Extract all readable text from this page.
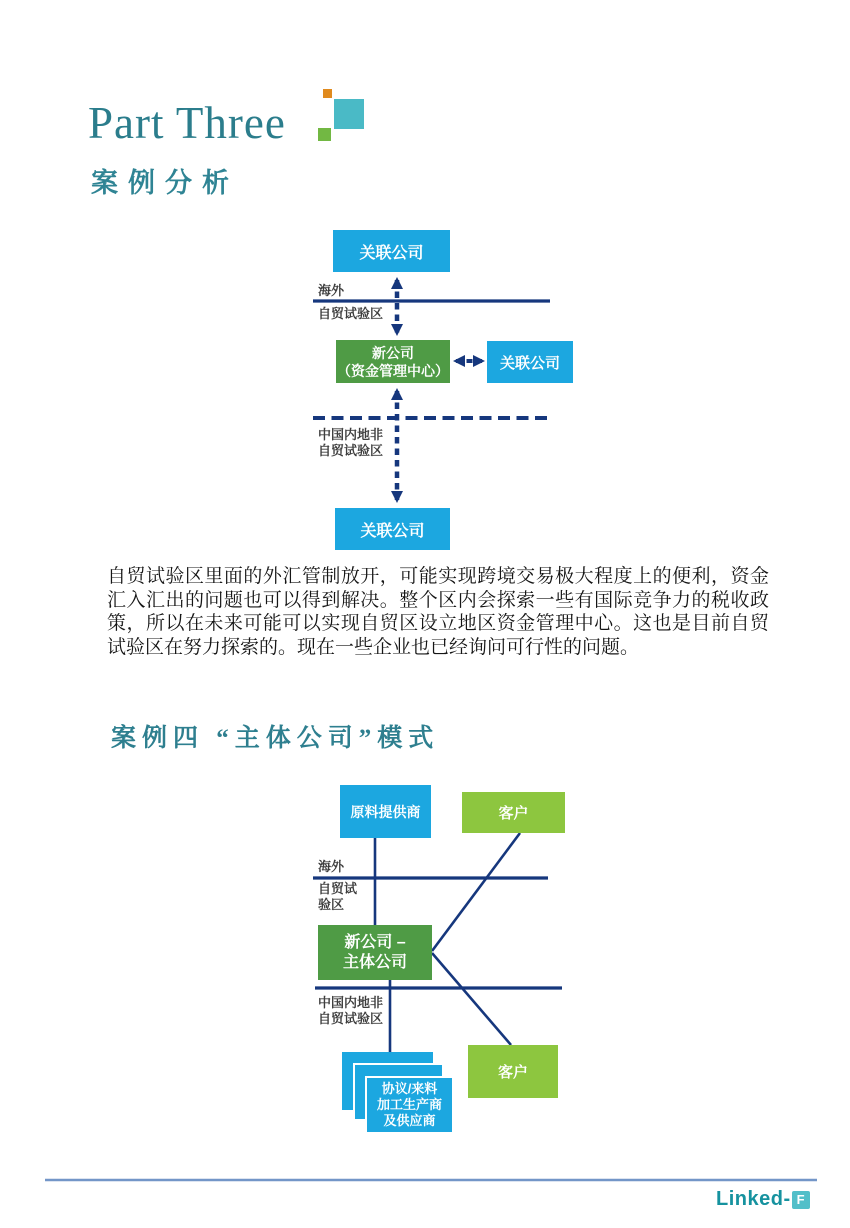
Part Three
案例分析
关联公司
海外
自贸试验区
新公司
（资金管理中心）	关联公司
中国内地非
自贸试验区
关联公司
自贸试验区里面的外汇管制放开，可能实现跨境交易极大程度上的便利，资金汇入汇出的问题也可以得到解决。整个区内会探索一些有国际竞争力的税收政策，所以在未来可能可以实现自贸区设立地区资金管理中心。这也是目前自贸试验区在努力探索的。现在一些企业也已经询问可行性的问题。
案例四 “主体公司”模式
原料提供商	客户
海外
自贸试
验区
新公司 –
主体公司
中国内地非
自贸试验区
协议/来料
加工生产商
及供应商
客户
Linked- F
